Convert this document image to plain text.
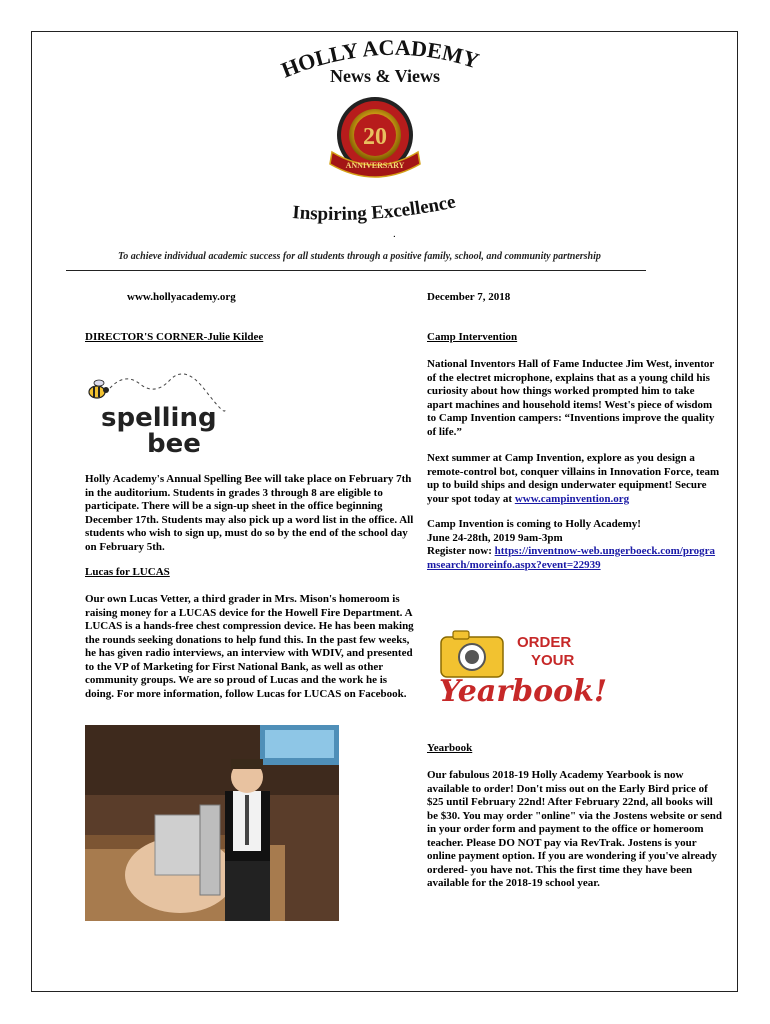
HOLLY ACADEMY
News & Views
20
ANNIVERSARY
Inspiring Excellence
.
To achieve individual academic success for all students through a positive family, school, and community partnership
www.hollyacademy.org	December 7, 2018
DIRECTOR'S CORNER-Julie Kildee
spelling
bee
Holly Academy's Annual Spelling Bee will take place on February 7th in the auditorium. Students in grades 3 through 8 are eligible to participate. There will be a sign-up sheet in the office beginning December 17th. Students may also pick up a word list in the office. All students who wish to sign up, must do so by the end of the school day on February 5th.
Lucas for LUCAS
Our own Lucas Vetter, a third grader in Mrs. Mison's homeroom is raising money for a LUCAS device for the Howell Fire Department. A LUCAS is a hands-free chest compression device. He has been making the rounds seeking donations to help fund this. In the past few weeks, he has given radio interviews, an interview with WDIV, and presented to the VP of Marketing for First National Bank, as well as other community groups. We are so proud of Lucas and the work he is doing. For more information, follow Lucas for LUCAS on Facebook.
Camp Intervention
National Inventors Hall of Fame Inductee Jim West, inventor of the electret microphone, explains that as a young child his curiosity about how things worked prompted him to take apart machines and household items! West's piece of wisdom to Camp Invention campers: “Inventions improve the quality of life.”
Next summer at Camp Invention, explore as you design a remote-control bot, conquer villains in Innovation Force, team up to build ships and design underwater equipment! Secure your spot today at www.campinvention.org
Camp Invention is coming to Holly Academy!
June 24-28th, 2019 9am-3pm
Register now: https://inventnow-web.ungerboeck.com/programsearch/moreinfo.aspx?event=22939
ORDER
YOUR
Yearbook!
Yearbook
Our fabulous 2018-19 Holly Academy Yearbook is now available to order! Don't miss out on the Early Bird price of $25 until February 22nd! After February 22nd, all books will be $30. You may order "online" via the Jostens website or send in your order form and payment to the office or homeroom teacher. Please DO NOT pay via RevTrak. Jostens is your online payment option. If you are wondering if you've already ordered- you have not. This the first time they have been available for the 2018-19 school year.
